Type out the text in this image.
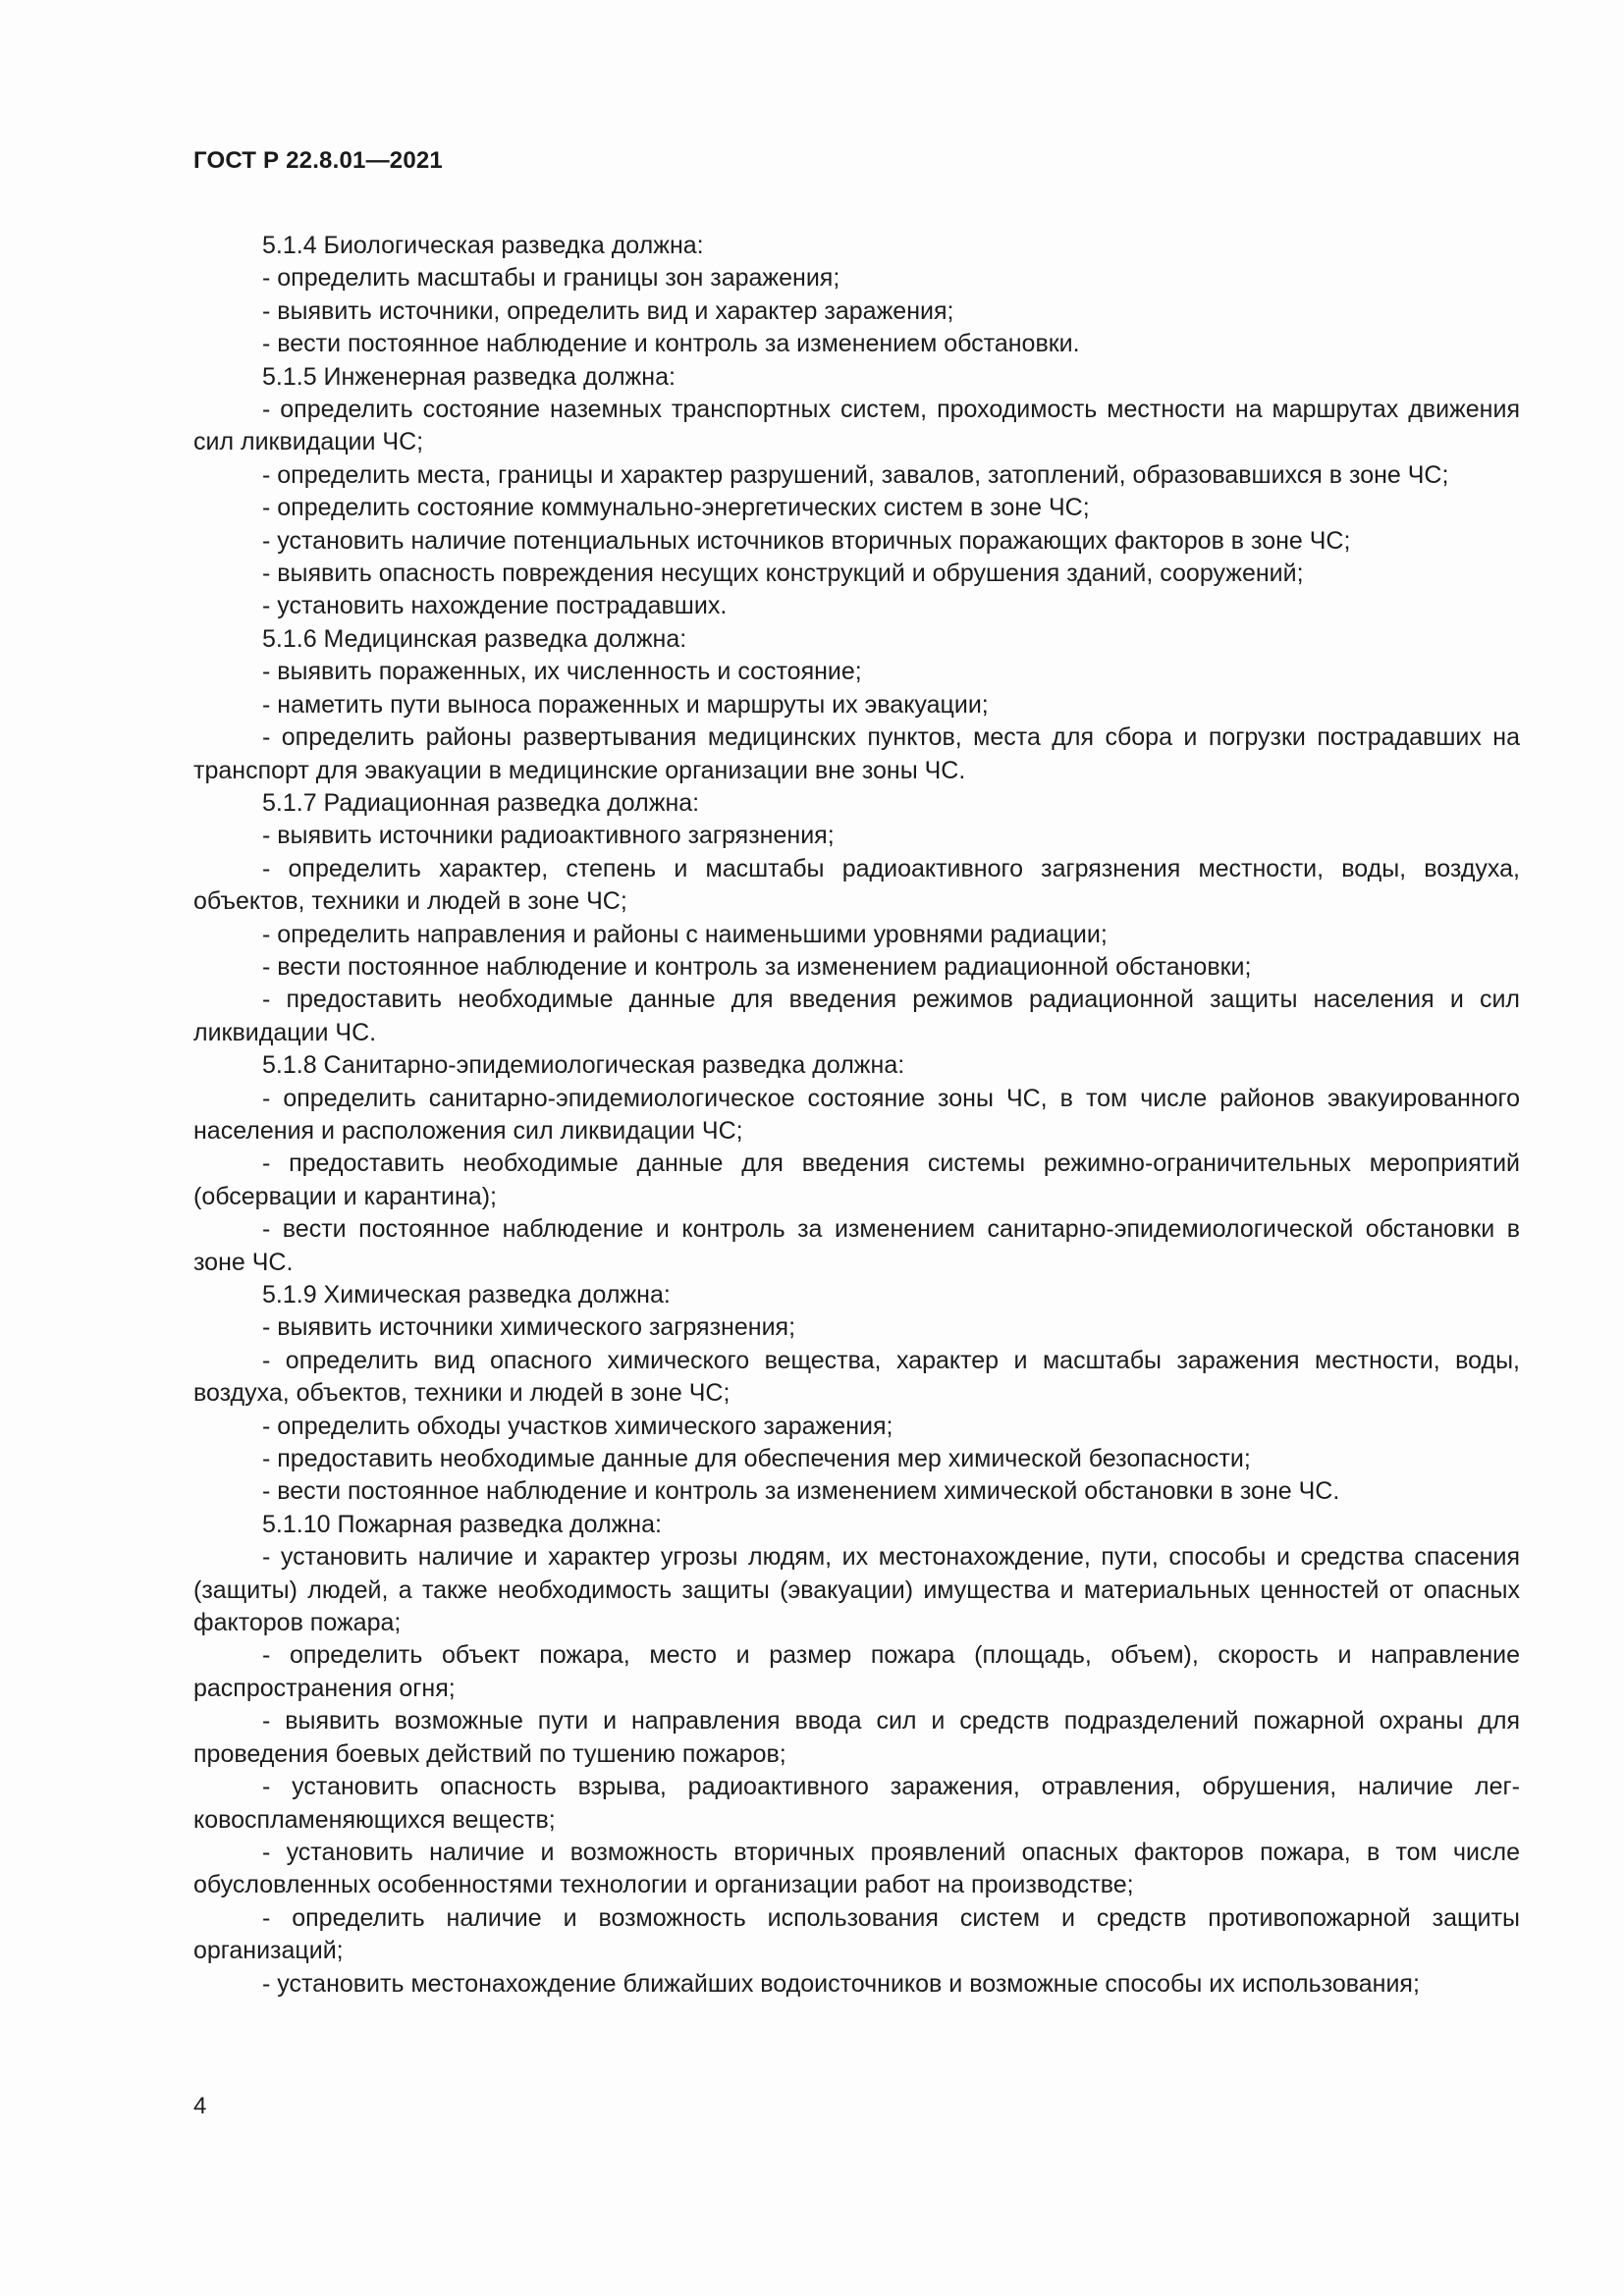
ГОСТ Р 22.8.01—2021

5.1.4 Биологическая разведка должна:

- определить масштабы и границы зон заражения;

- выявить источники, определить вид и характер заражения;

- вести постоянное наблюдение и контроль за изменением обстановки.

5.1.5 Инженерная разведка должна:

- определить состояние наземных транспортных систем, проходимость местности на маршрутах движения сил ликвидации ЧС;

- определить места, границы и характер разрушений, завалов, затоплений, образовавшихся в зоне ЧС;

- определить состояние коммунально-энергетических систем в зоне ЧС;

- установить наличие потенциальных источников вторичных поражающих факторов в зоне ЧС;

- выявить опасность повреждения несущих конструкций и обрушения зданий, сооружений;

- установить нахождение пострадавших.

5.1.6 Медицинская разведка должна:

- выявить пораженных, их численность и состояние;

- наметить пути выноса пораженных и маршруты их эвакуации;

- определить районы развертывания медицинских пунктов, места для сбора и погрузки пострадавших на транспорт для эвакуации в медицинские организации вне зоны ЧС.

5.1.7 Радиационная разведка должна:

- выявить источники радиоактивного загрязнения;

- определить характер, степень и масштабы радиоактивного загрязнения местности, воды, воздуха, объектов, техники и людей в зоне ЧС;

- определить направления и районы с наименьшими уровнями радиации;

- вести постоянное наблюдение и контроль за изменением радиационной обстановки;

- предоставить необходимые данные для введения режимов радиационной защиты населения и сил ликвидации ЧС.

5.1.8 Санитарно-эпидемиологическая разведка должна:

- определить санитарно-эпидемиологическое состояние зоны ЧС, в том числе районов эвакуированного населения и расположения сил ликвидации ЧС;

- предоставить необходимые данные для введения системы режимно-ограничительных мероприятий (обсервации и карантина);

- вести постоянное наблюдение и контроль за изменением санитарно-эпидемиологической обстановки в зоне ЧС.

5.1.9 Химическая разведка должна:

- выявить источники химического загрязнения;

- определить вид опасного химического вещества, характер и масштабы заражения местности, воды, воздуха, объектов, техники и людей в зоне ЧС;

- определить обходы участков химического заражения;

- предоставить необходимые данные для обеспечения мер химической безопасности;

- вести постоянное наблюдение и контроль за изменением химической обстановки в зоне ЧС.

5.1.10 Пожарная разведка должна:

- установить наличие и характер угрозы людям, их местонахождение, пути, способы и средства спасения (защиты) людей, а также необходимость защиты (эвакуации) имущества и материальных ценностей от опасных факторов пожара;

- определить объект пожара, место и размер пожара (площадь, объем), скорость и направление распространения огня;

- выявить возможные пути и направления ввода сил и средств подразделений пожарной охраны для проведения боевых действий по тушению пожаров;

- установить опасность взрыва, радиоактивного заражения, отравления, обрушения, наличие легковоспламеняющихся веществ;

- установить наличие и возможность вторичных проявлений опасных факторов пожара, в том числе обусловленных особенностями технологии и организации работ на производстве;

- определить наличие и возможность использования систем и средств противопожарной защиты организаций;

- установить местонахождение ближайших водоисточников и возможные способы их использования;

4
